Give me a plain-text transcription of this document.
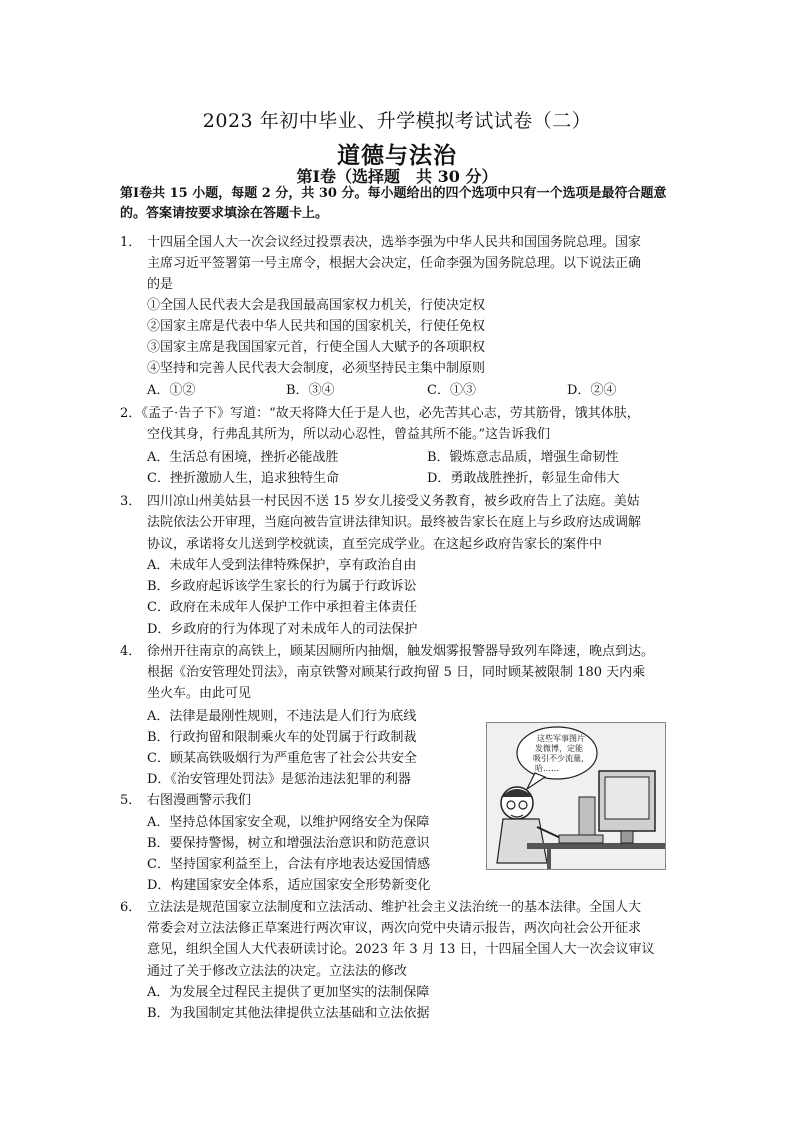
2023 年初中毕业、升学模拟考试试卷（二）
道德与法治
第Ⅰ卷（选择题　共 30 分）
第Ⅰ卷共 15 小题，每题 2 分，共 30 分。每小题给出的四个选项中只有一个选项是最符合题意的。答案请按要求填涂在答题卡上。
1． 十四届全国人大一次会议经过投票表决，选举李强为中华人民共和国国务院总理。国家
主席习近平签署第一号主席令，根据大会决定，任命李强为国务院总理。以下说法正确
的是
①全国人民代表大会是我国最高国家权力机关，行使决定权
②国家主席是代表中华人民共和国的国家机关，行使任免权
③国家主席是我国国家元首，行使全国人大赋予的各项职权
④坚持和完善人民代表大会制度，必须坚持民主集中制原则
A．①②	B．③④	C．①③	D．②④
2．
《孟子·告子下》写道：“故天将降大任于是人也，必先苦其心志，劳其筋骨，饿其体肤，
空伐其身，行弗乱其所为，所以动心忍性，曾益其所不能。”这告诉我们
A．生活总有困境，挫折必能战胜	B．锻炼意志品质，增强生命韧性
C．挫折激励人生，追求独特生命	D．勇敢战胜挫折，彰显生命伟大
3． 四川凉山州美姑县一村民因不送 15 岁女儿接受义务教育，被乡政府告上了法庭。美姑
法院依法公开审理，当庭向被告宣讲法律知识。最终被告家长在庭上与乡政府达成调解
协议，承诺将女儿送到学校就读，直至完成学业。在这起乡政府告家长的案件中
A．未成年人受到法律特殊保护，享有政治自由
B．乡政府起诉该学生家长的行为属于行政诉讼
C．政府在未成年人保护工作中承担着主体责任
D．乡政府的行为体现了对未成年人的司法保护
4． 徐州开往南京的高铁上，顾某因厕所内抽烟，触发烟雾报警器导致列车降速，晚点到达。
根据《治安管理处罚法》，南京铁警对顾某行政拘留 5 日，同时顾某被限制 180 天内乘
坐火车。由此可见
A．法律是最刚性规则，不违法是人们行为底线
B．行政拘留和限制乘火车的处罚属于行政制裁
C．顾某高铁吸烟行为严重危害了社会公共安全
D．《治安管理处罚法》是惩治违法犯罪的利器
5． 右图漫画警示我们
A．坚持总体国家安全观，以维护网络安全为保障
B．要保持警惕，树立和增强法治意识和防范意识
C．坚持国家利益至上，合法有序地表达爱国情感
D．构建国家安全体系，适应国家安全形势新变化
这些军事图片
发微博，定能
吸引不少流量，
哈……
6． 立法法是规范国家立法制度和立法活动、维护社会主义法治统一的基本法律。全国人大
常委会对立法法修正草案进行两次审议，两次向党中央请示报告，两次向社会公开征求
意见，组织全国人大代表研读讨论。2023 年 3 月 13 日，十四届全国人大一次会议审议
通过了关于修改立法法的决定。立法法的修改
A．为发展全过程民主提供了更加坚实的法制保障
B．为我国制定其他法律提供立法基础和立法依据
